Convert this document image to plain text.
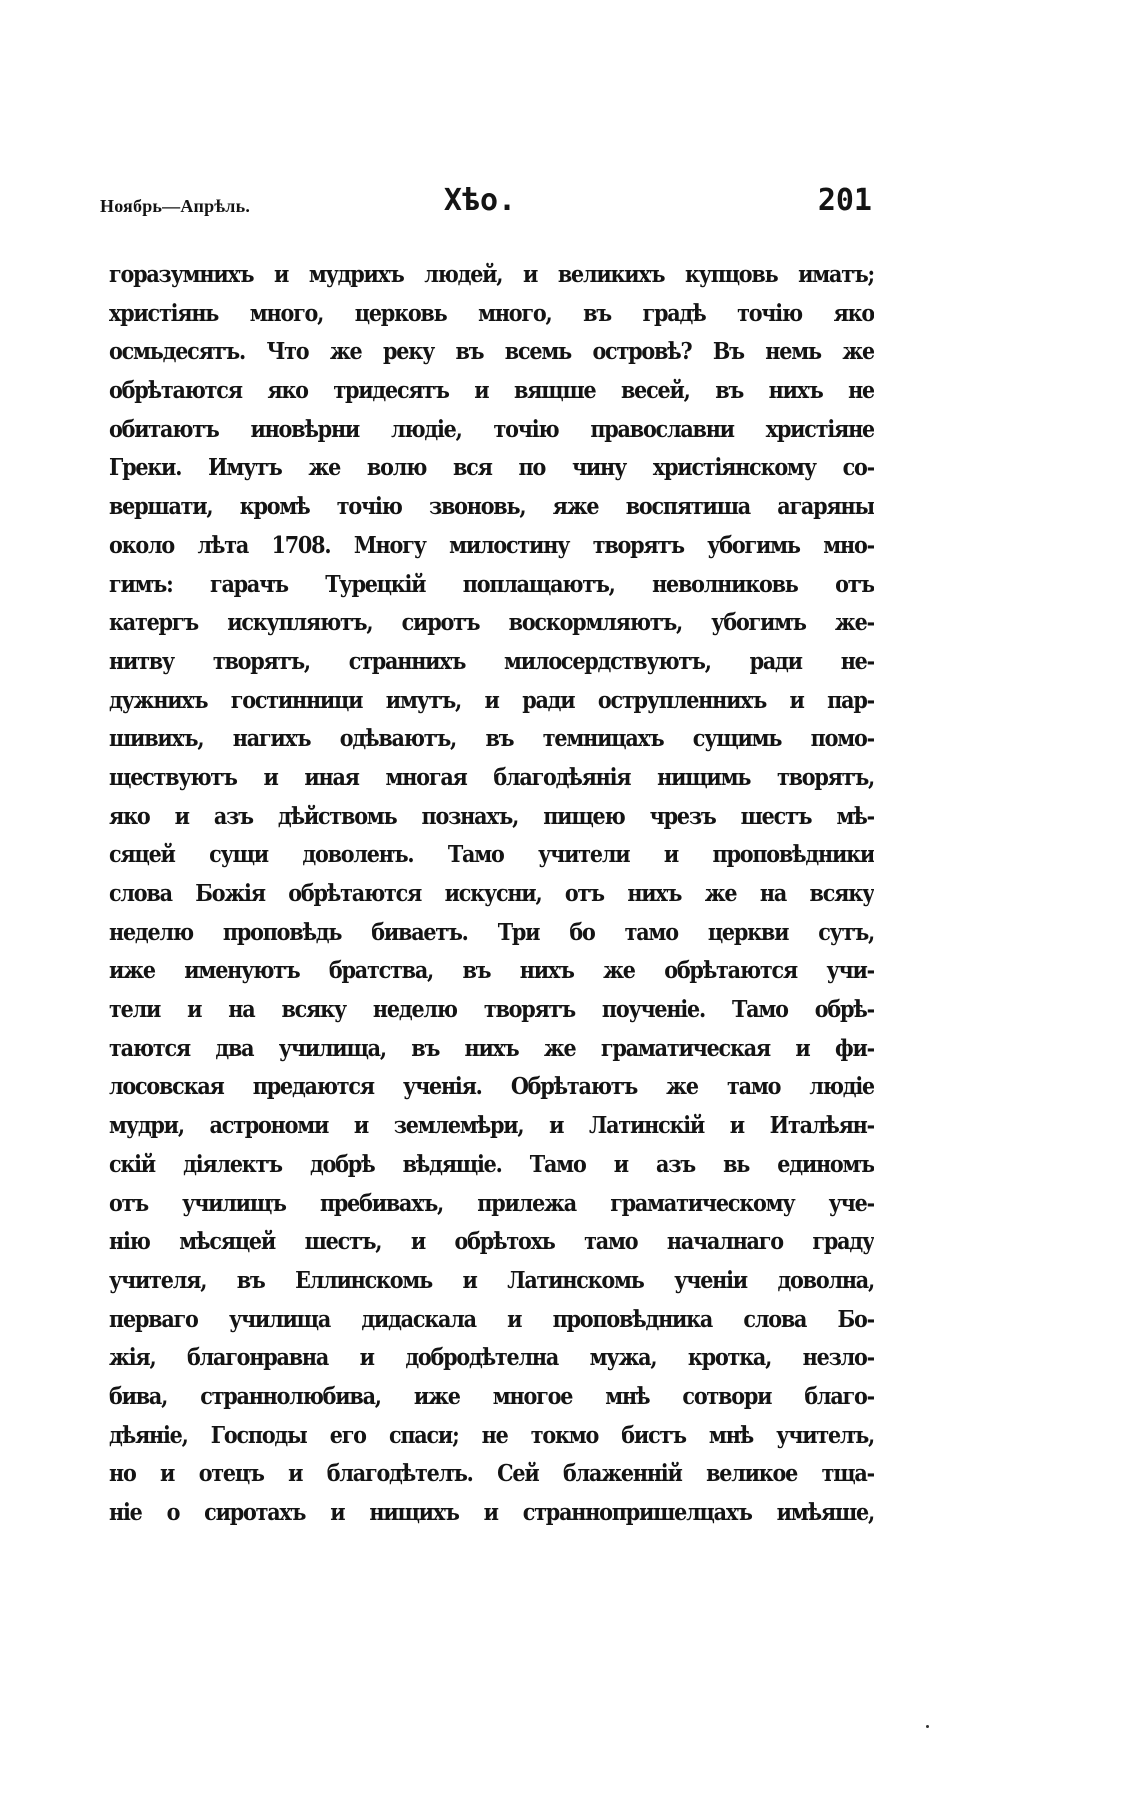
Ноябрь—Апрѣль.	Хѣо.	201
горазумнихъ и мудрихъ людей, и великихъ купцовь иматъ;
христіянь много, церковь много, въ градѣ точію яко
осмьдесятъ. Что же реку въ всемь островѣ? Въ немь же
обрѣтаются яко тридесятъ и вящше весей, въ нихъ не
обитаютъ иновѣрни людіе, точію православни христіяне
Греки. Имутъ же волю вся по чину христіянскому со-
вершати, кромѣ точію звоновь, яже воспятиша агаряны
около лѣта 1708. Многу милостину творятъ убогимь мно-
гимъ: гарачъ Турецкій поплащаютъ, неволниковь отъ
катергъ искупляютъ, сиротъ воскормляютъ, убогимъ же-
нитву творятъ, страннихъ милосердствуютъ, ради не-
дужнихъ гостинници имутъ, и ради острупленнихъ и пар-
шивихъ, нагихъ одѣваютъ, въ темницахъ сущимь помо-
ществуютъ и иная многая благодѣянія нищимь творятъ,
яко и азъ дѣйствомь познахъ, пищею чрезъ шестъ мѣ-
сяцей сущи доволенъ. Тамо учители и проповѣдники
слова Божія обрѣтаются искусни, отъ нихъ же на всяку
неделю проповѣдь биваетъ. Три бо тамо церкви сутъ,
иже именуютъ братства, въ нихъ же обрѣтаются учи-
тели и на всяку неделю творятъ поученіе. Тамо обрѣ-
таются два училища, въ нихъ же граматическая и фи-
лосовская предаются ученія. Обрѣтаютъ же тамо людіе
мудри, астрономи и землемѣри, и Латинскій и Италѣян-
скій діялектъ добрѣ вѣдящіе. Тамо и азъ вь единомъ
отъ училищъ пребивахъ, прилежа граматическому уче-
нію мѣсяцей шестъ, и обрѣтохь тамо началнаго граду
учителя, въ Еллинскомь и Латинскомь ученіи доволна,
перваго училища дидаскала и проповѣдника слова Бо-
жія, благонравна и добродѣтелна мужа, кротка, незло-
бива, страннолюбива, иже многое мнѣ сотвори благо-
дѣяніе, Господы его спаси; не токмо бистъ мнѣ учителъ,
но и отецъ и благодѣтелъ. Сей блаженній великое тща-
ніе о сиротахъ и нищихъ и страннопришелцахъ имѣяше,
